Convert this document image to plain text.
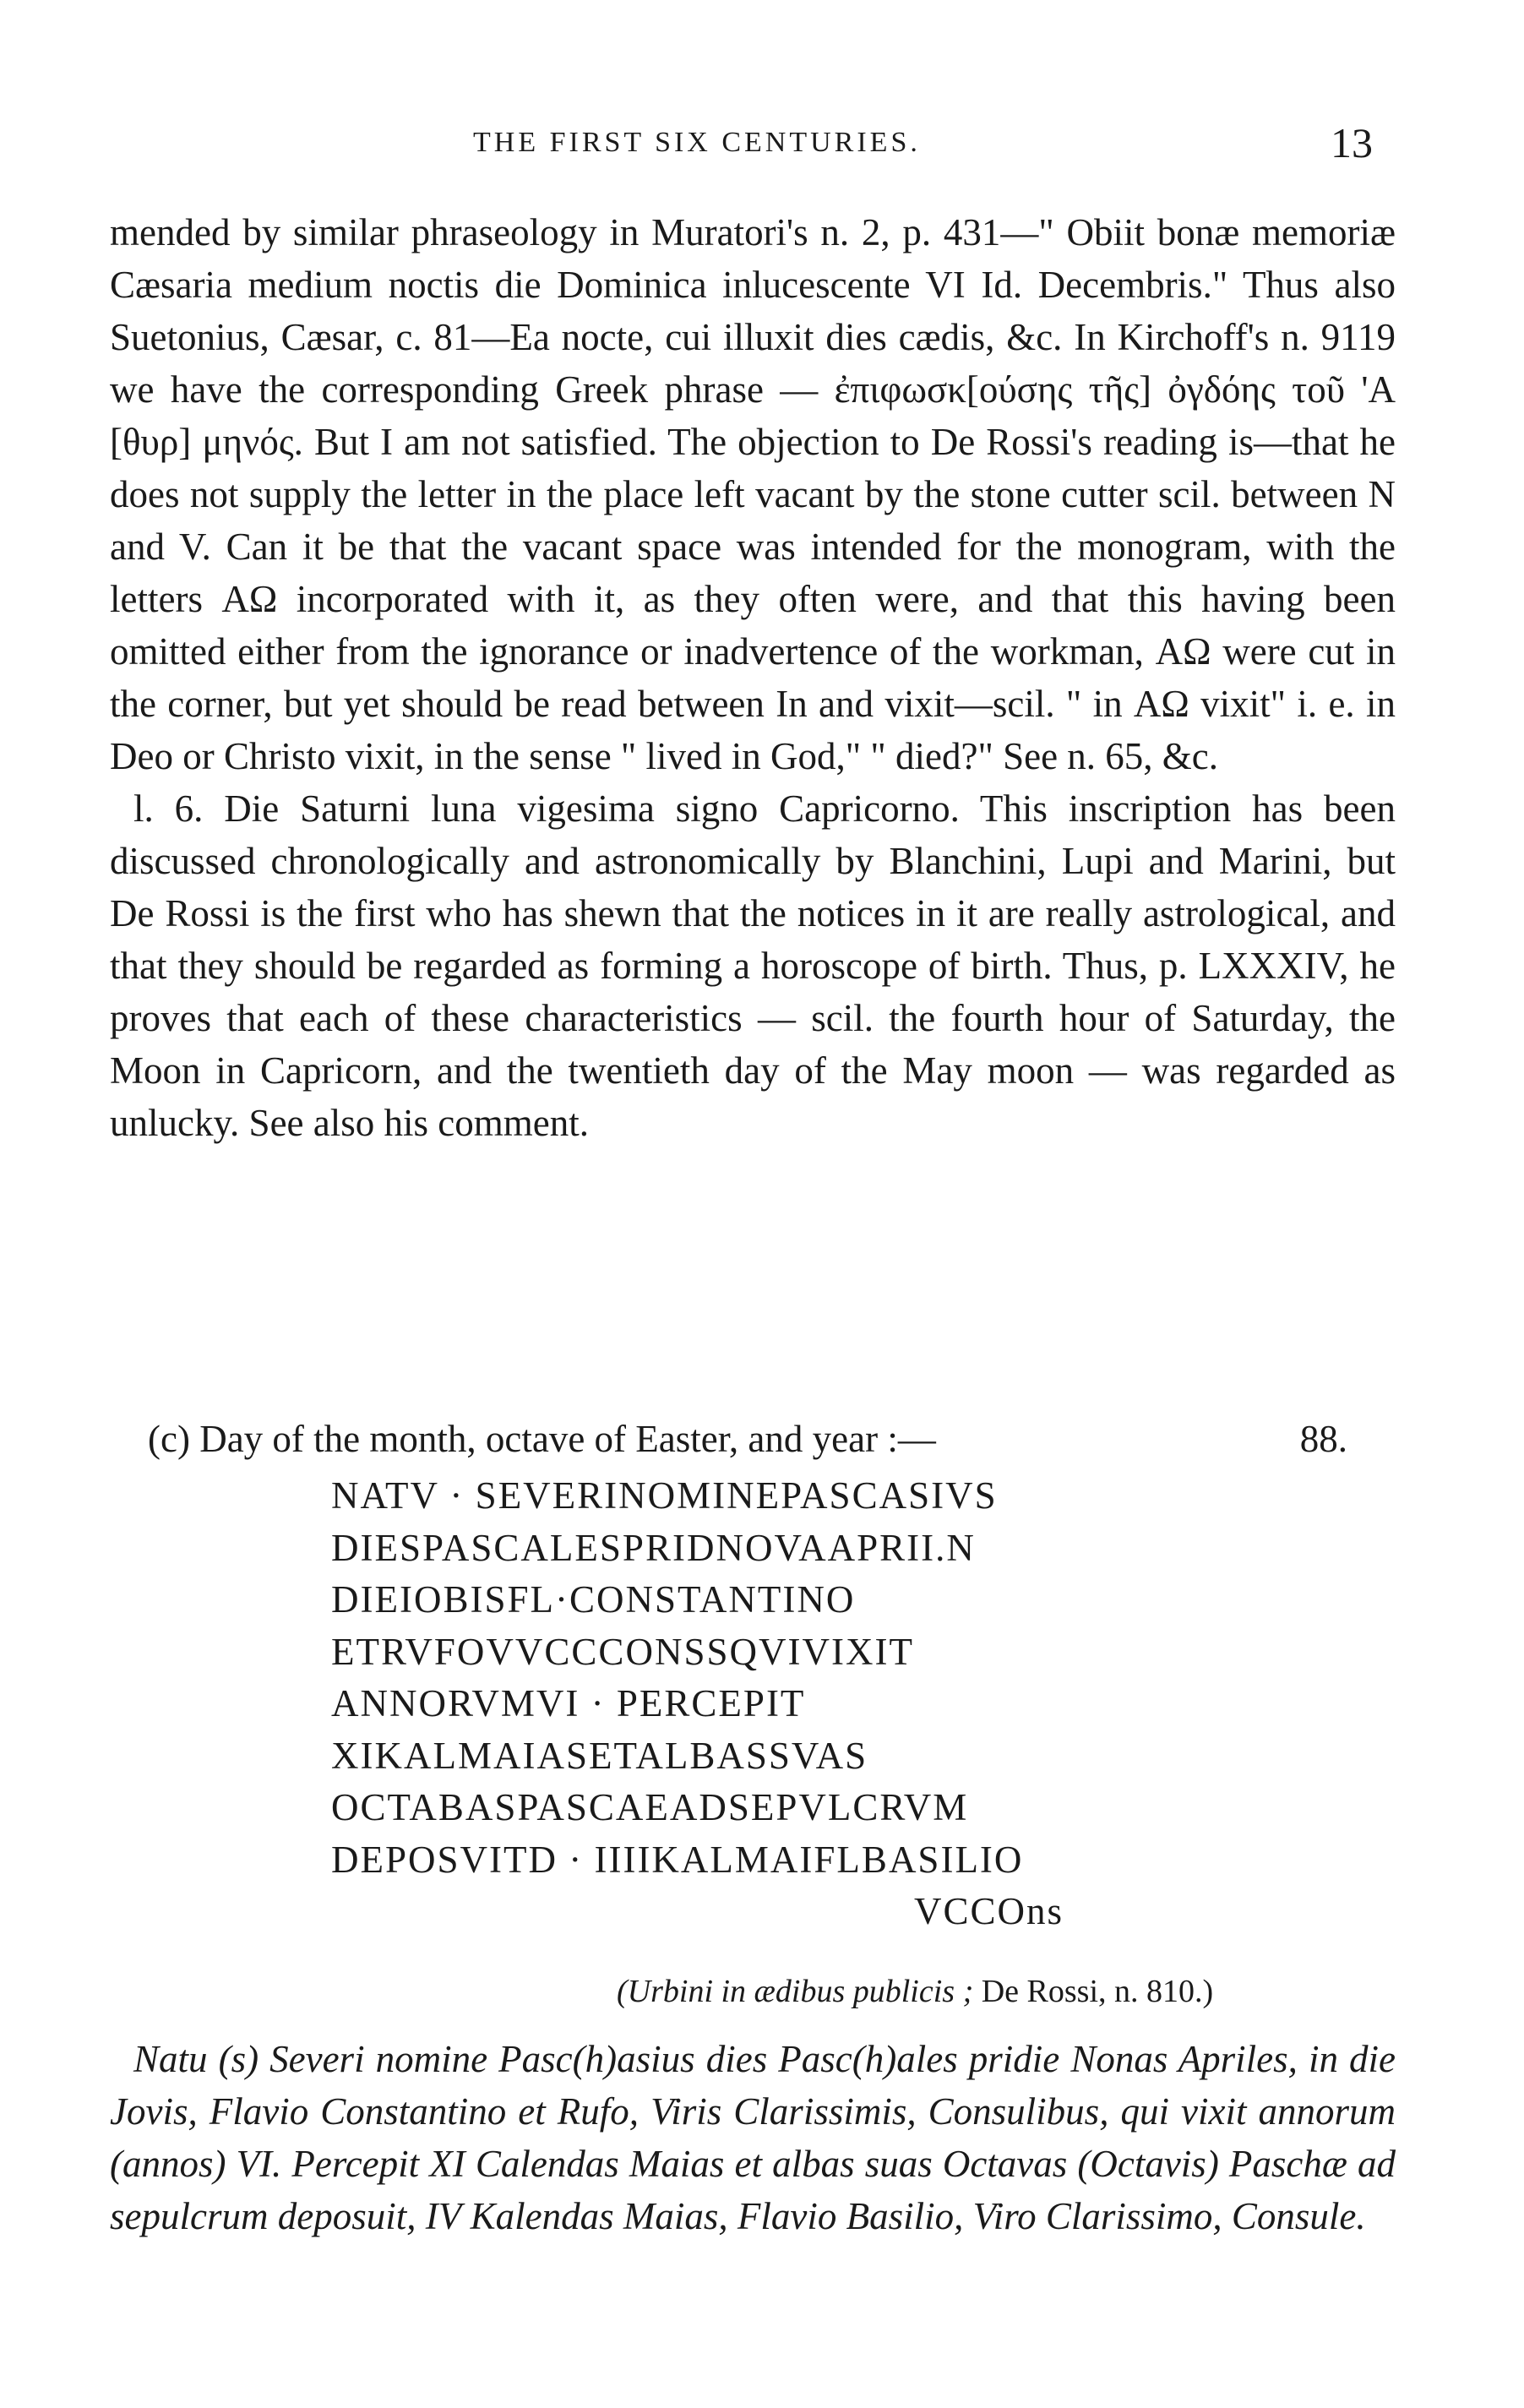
THE FIRST SIX CENTURIES.	13

mended by similar phraseology in Muratori's n. 2, p. 431—" Obiit bonæ memoriæ Cæsaria medium noctis die Dominica inlucescente VI Id. Decembris." Thus also Suetonius, Cæsar, c. 81—Ea nocte, cui illuxit dies cædis, &c. In Kirchoff's n. 9119 we have the corresponding Greek phrase — ἐπιφωσκ[ούσης τῆς] ὀγδόης τοῦ 'Α [θυρ] μηνός. But I am not satisfied. The objection to De Rossi's reading is—that he does not supply the letter in the place left vacant by the stone cutter scil. between N and V. Can it be that the vacant space was intended for the monogram, with the letters ΑΩ incorporated with it, as they often were, and that this having been omitted either from the ignorance or inadvertence of the workman, ΑΩ were cut in the corner, but yet should be read between In and vixit—scil. " in ΑΩ vixit" i. e. in Deo or Christo vixit, in the sense " lived in God," " died?" See n. 65, &c.

l. 6. Die Saturni luna vigesima signo Capricorno. This inscription has been discussed chronologically and astronomically by Blanchini, Lupi and Marini, but De Rossi is the first who has shewn that the notices in it are really astrological, and that they should be regarded as forming a horoscope of birth. Thus, p. LXXXIV, he proves that each of these characteristics — scil. the fourth hour of Saturday, the Moon in Capricorn, and the twentieth day of the May moon — was regarded as unlucky. See also his comment.

(c) Day of the month, octave of Easter, and year :—	88.
NATV · SEVERINOMINEPASCASIVS
DIESPASCALESPRIDNOVAAPRII.N
DIEIOBISFL·CONSTANTINO
ETRVFOVVCCCONSSQVIVIXIT
ANNORVMVI · PERCEPIT
XIKALMAIASETALBASSVAS
OCTABASPASCAEADSEPVLCRVM
DEPOSVITD · IIIIKALMAIFLBASILIO
VCCOns
(Urbini in ædibus publicis ; De Rossi, n. 810.)

Natu (s) Severi nomine Pasc(h)asius dies Pasc(h)ales pridie Nonas Apriles, in die Jovis, Flavio Constantino et Rufo, Viris Clarissimis, Consulibus, qui vixit annorum (annos) VI. Percepit XI Calendas Maias et albas suas Octavas (Octavis) Paschæ ad sepulcrum deposuit, IV Kalendas Maias, Flavio Basilio, Viro Clarissimo, Consule.
